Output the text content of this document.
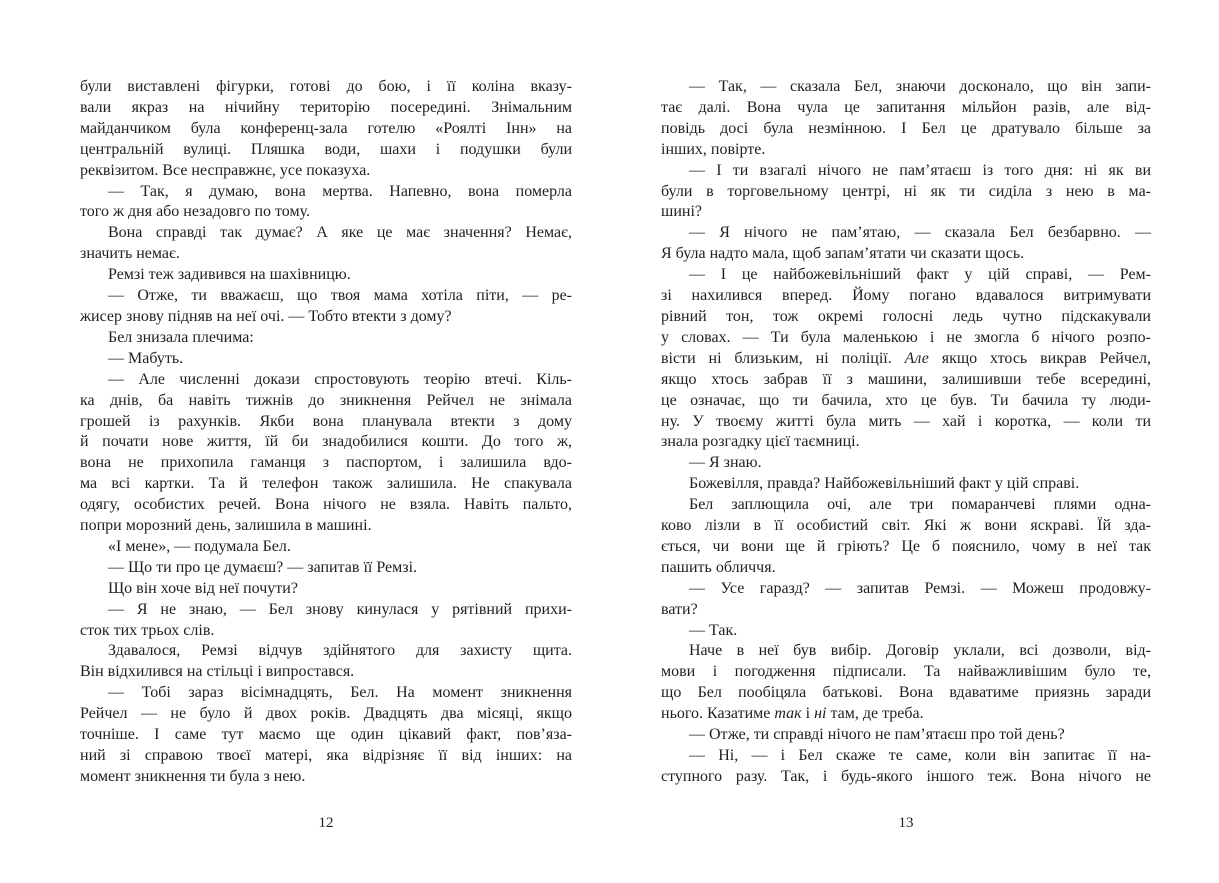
були виставлені фігурки, готові до бою, і її коліна вказу-
вали якраз на нічийну територію посередині. Знімальним
майданчиком була конференц-зала готелю «Роялті Інн» на
центральній вулиці. Пляшка води, шахи і подушки були
реквізитом. Все несправжнє, усе показуха.
— Так, я думаю, вона мертва. Напевно, вона померла
того ж дня або незадовго по тому.
Вона справді так думає? А яке це має значення? Немає,
значить немає.
Ремзі теж задивився на шахівницю.
— Отже, ти вважаєш, що твоя мама хотіла піти, — ре-
жисер знову підняв на неї очі. — Тобто втекти з дому?
Бел знизала плечима:
— Мабуть.
— Але численні докази спростовують теорію втечі. Кіль-
ка днів, ба навіть тижнів до зникнення Рейчел не знімала
грошей із рахунків. Якби вона планувала втекти з дому
й почати нове життя, їй би знадобилися кошти. До того ж,
вона не прихопила гаманця з паспортом, і залишила вдо-
ма всі картки. Та й телефон також залишила. Не спакувала
одягу, особистих речей. Вона нічого не взяла. Навіть пальто,
попри морозний день, залишила в машині.
«І мене», — подумала Бел.
— Що ти про це думаєш? — запитав її Ремзі.
Що він хоче від неї почути?
— Я не знаю, — Бел знову кинулася у рятівний прихи-
сток тих трьох слів.
Здавалося, Ремзі відчув здійнятого для захисту щита.
Він відхилився на стільці і випростався.
— Тобі зараз вісімнадцять, Бел. На момент зникнення
Рейчел — не було й двох років. Двадцять два місяці, якщо
точніше. І саме тут маємо ще один цікавий факт, пов’яза-
ний зі справою твоєї матері, яка відрізняє її від інших: на
момент зникнення ти була з нею.
— Так, — сказала Бел, знаючи досконало, що він запи-
тає далі. Вона чула це запитання мільйон разів, але від-
повідь досі була незмінною. І Бел це дратувало більше за
інших, повірте.
— І ти взагалі нічого не пам’ятаєш із того дня: ні як ви
були в торговельному центрі, ні як ти сиділа з нею в ма-
шині?
— Я нічого не пам’ятаю, — сказала Бел безбарвно. —
Я була надто мала, щоб запам’ятати чи сказати щось.
— І це найбожевільніший факт у цій справі, — Рем-
зі нахилився вперед. Йому погано вдавалося витримувати
рівний тон, тож окремі голосні ледь чутно підскакували
у словах. — Ти була маленькою і не змогла б нічого розпо-
вісти ні близьким, ні поліції. Але якщо хтось викрав Рейчел,
якщо хтось забрав її з машини, залишивши тебе всередині,
це означає, що ти бачила, хто це був. Ти бачила ту люди-
ну. У твоєму житті була мить — хай і коротка, — коли ти
знала розгадку цієї таємниці.
— Я знаю.
Божевілля, правда? Найбожевільніший факт у цій справі.
Бел заплющила очі, але три помаранчеві плями одна-
ково лізли в її особистий світ. Які ж вони яскраві. Їй зда-
ється, чи вони ще й гріють? Це б пояснило, чому в неї так
пашить обличчя.
— Усе гаразд? — запитав Ремзі. — Можеш продовжу-
вати?
— Так.
Наче в неї був вибір. Договір уклали, всі дозволи, від-
мови і погодження підписали. Та найважливішим було те,
що Бел пообіцяла батькові. Вона вдаватиме приязнь заради
нього. Казатиме так і ні там, де треба.
— Отже, ти справді нічого не пам’ятаєш про той день?
— Ні, — і Бел скаже те саме, коли він запитає її на-
ступного разу. Так, і будь-якого іншого теж. Вона нічого не
12	13
